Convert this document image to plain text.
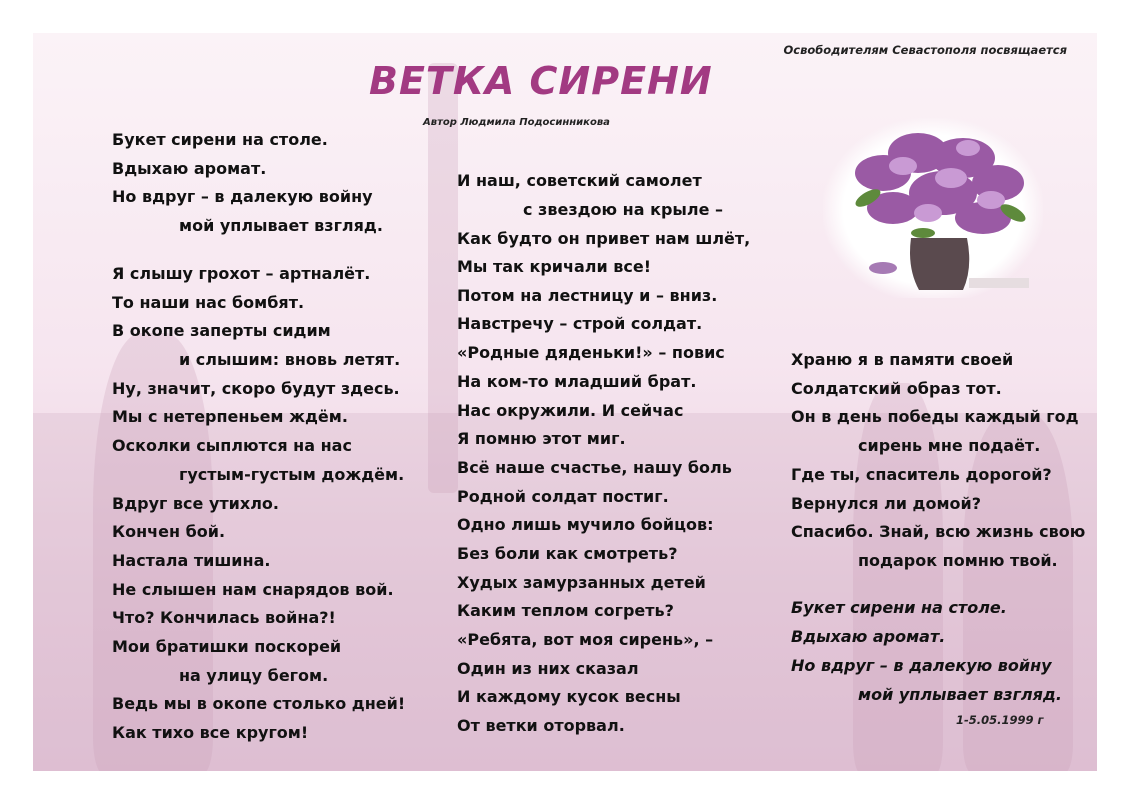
Освободителям Севастополя посвящается
ВЕТКА СИРЕНИ
Автор Людмила Подосинникова
Букет сирени на столе.
Вдыхаю аромат.
Но вдруг – в далекую войну
мой уплывает взгляд.
Я слышу грохот – артналёт.
То наши нас бомбят.
В окопе заперты сидим
и слышим: вновь летят.
Ну, значит, скоро будут здесь.
Мы с нетерпеньем ждём.
Осколки сыплются на нас
густым-густым дождём.
Вдруг все утихло.
Кончен бой.
Настала тишина.
Не слышен нам снарядов вой.
Что? Кончилась война?!
Мои братишки поскорей
на улицу бегом.
Ведь мы в окопе столько дней!
Как тихо все кругом!
И наш, советский самолет
с звездою на крыле –
Как будто он привет нам шлёт,
Мы так кричали все!
Потом на лестницу и – вниз.
Навстречу – строй солдат.
«Родные дяденьки!» – повис
На ком-то младший брат.
Нас окружили. И сейчас
Я помню этот миг.
Всё наше счастье, нашу боль
Родной солдат постиг.
Одно лишь мучило бойцов:
Без боли как смотреть?
Худых замурзанных детей
Каким теплом согреть?
«Ребята, вот моя сирень», –
Один из них сказал
И каждому кусок весны
От ветки оторвал.
Храню я в памяти своей
Солдатский образ тот.
Он в день победы каждый год
сирень мне подаёт.
Где ты, спаситель дорогой?
Вернулся ли домой?
Спасибо. Знай, всю жизнь свою
подарок помню твой.
Букет сирени на столе.
Вдыхаю аромат.
Но вдруг – в далекую войну
мой уплывает взгляд.
1-5.05.1999 г
